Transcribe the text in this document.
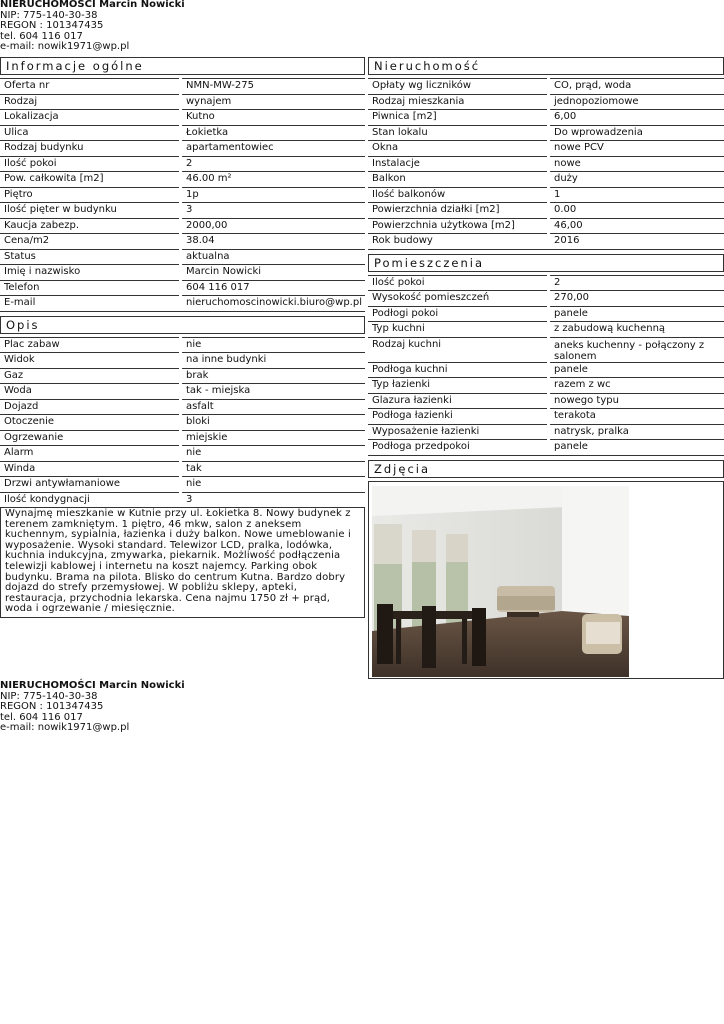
NIERUCHOMOŚCI Marcin Nowicki
NIP: 775-140-30-38
REGON : 101347435
tel. 604 116 017
e-mail: nowik1971@wp.pl
Informacje ogólne
Oferta nr	NMN-MW-275
Rodzaj	wynajem
Lokalizacja	Kutno
Ulica	Łokietka
Rodzaj budynku	apartamentowiec
Ilość pokoi	2
Pow. całkowita [m2]	46.00 m²
Piętro	1p
Ilość pięter w budynku	3
Kaucja zabezp.	2000,00
Cena/m2	38.04
Status	aktualna
Imię i nazwisko	Marcin Nowicki
Telefon	604 116 017
E-mail	nieruchomoscinowicki.biuro@wp.pl
Opis
Plac zabaw	nie
Widok	na inne budynki
Gaz	brak
Woda	tak - miejska
Dojazd	asfalt
Otoczenie	bloki
Ogrzewanie	miejskie
Alarm	nie
Winda	tak
Drzwi antywłamaniowe	nie
Ilość kondygnacji	3
Wynajmę mieszkanie w Kutnie przy ul. Łokietka 8. Nowy budynek z terenem zamkniętym. 1 piętro, 46 mkw, salon z aneksem kuchennym, sypialnia, łazienka i duży balkon. Nowe umeblowanie i wyposażenie. Wysoki standard. Telewizor LCD, pralka, lodówka, kuchnia indukcyjna, zmywarka, piekarnik. Możliwość podłączenia telewizji kablowej i internetu na koszt najemcy. Parking obok budynku. Brama na pilota. Blisko do centrum Kutna. Bardzo dobry dojazd do strefy przemysłowej. W pobliżu sklepy, apteki, restauracja, przychodnia lekarska. Cena najmu 1750 zł + prąd, woda i ogrzewanie / miesięcznie.
Nieruchomość
Opłaty wg liczników	CO, prąd, woda
Rodzaj mieszkania	jednopoziomowe
Piwnica [m2]	6,00
Stan lokalu	Do wprowadzenia
Okna	nowe PCV
Instalacje	nowe
Balkon	duży
Ilość balkonów	1
Powierzchnia działki [m2]	0.00
Powierzchnia użytkowa [m2]	46,00
Rok budowy	2016
Pomieszczenia
Ilość pokoi	2
Wysokość pomieszczeń	270,00
Podłogi pokoi	panele
Typ kuchni	z zabudową kuchenną
Rodzaj kuchni	aneks kuchenny - połączony z salonem
Podłoga kuchni	panele
Typ łazienki	razem z wc
Glazura łazienki	nowego typu
Podłoga łazienki	terakota
Wyposażenie łazienki	natrysk, pralka
Podłoga przedpokoi	panele
Zdjęcia
NIERUCHOMOŚCI Marcin Nowicki
NIP: 775-140-30-38
REGON : 101347435
tel. 604 116 017
e-mail: nowik1971@wp.pl
